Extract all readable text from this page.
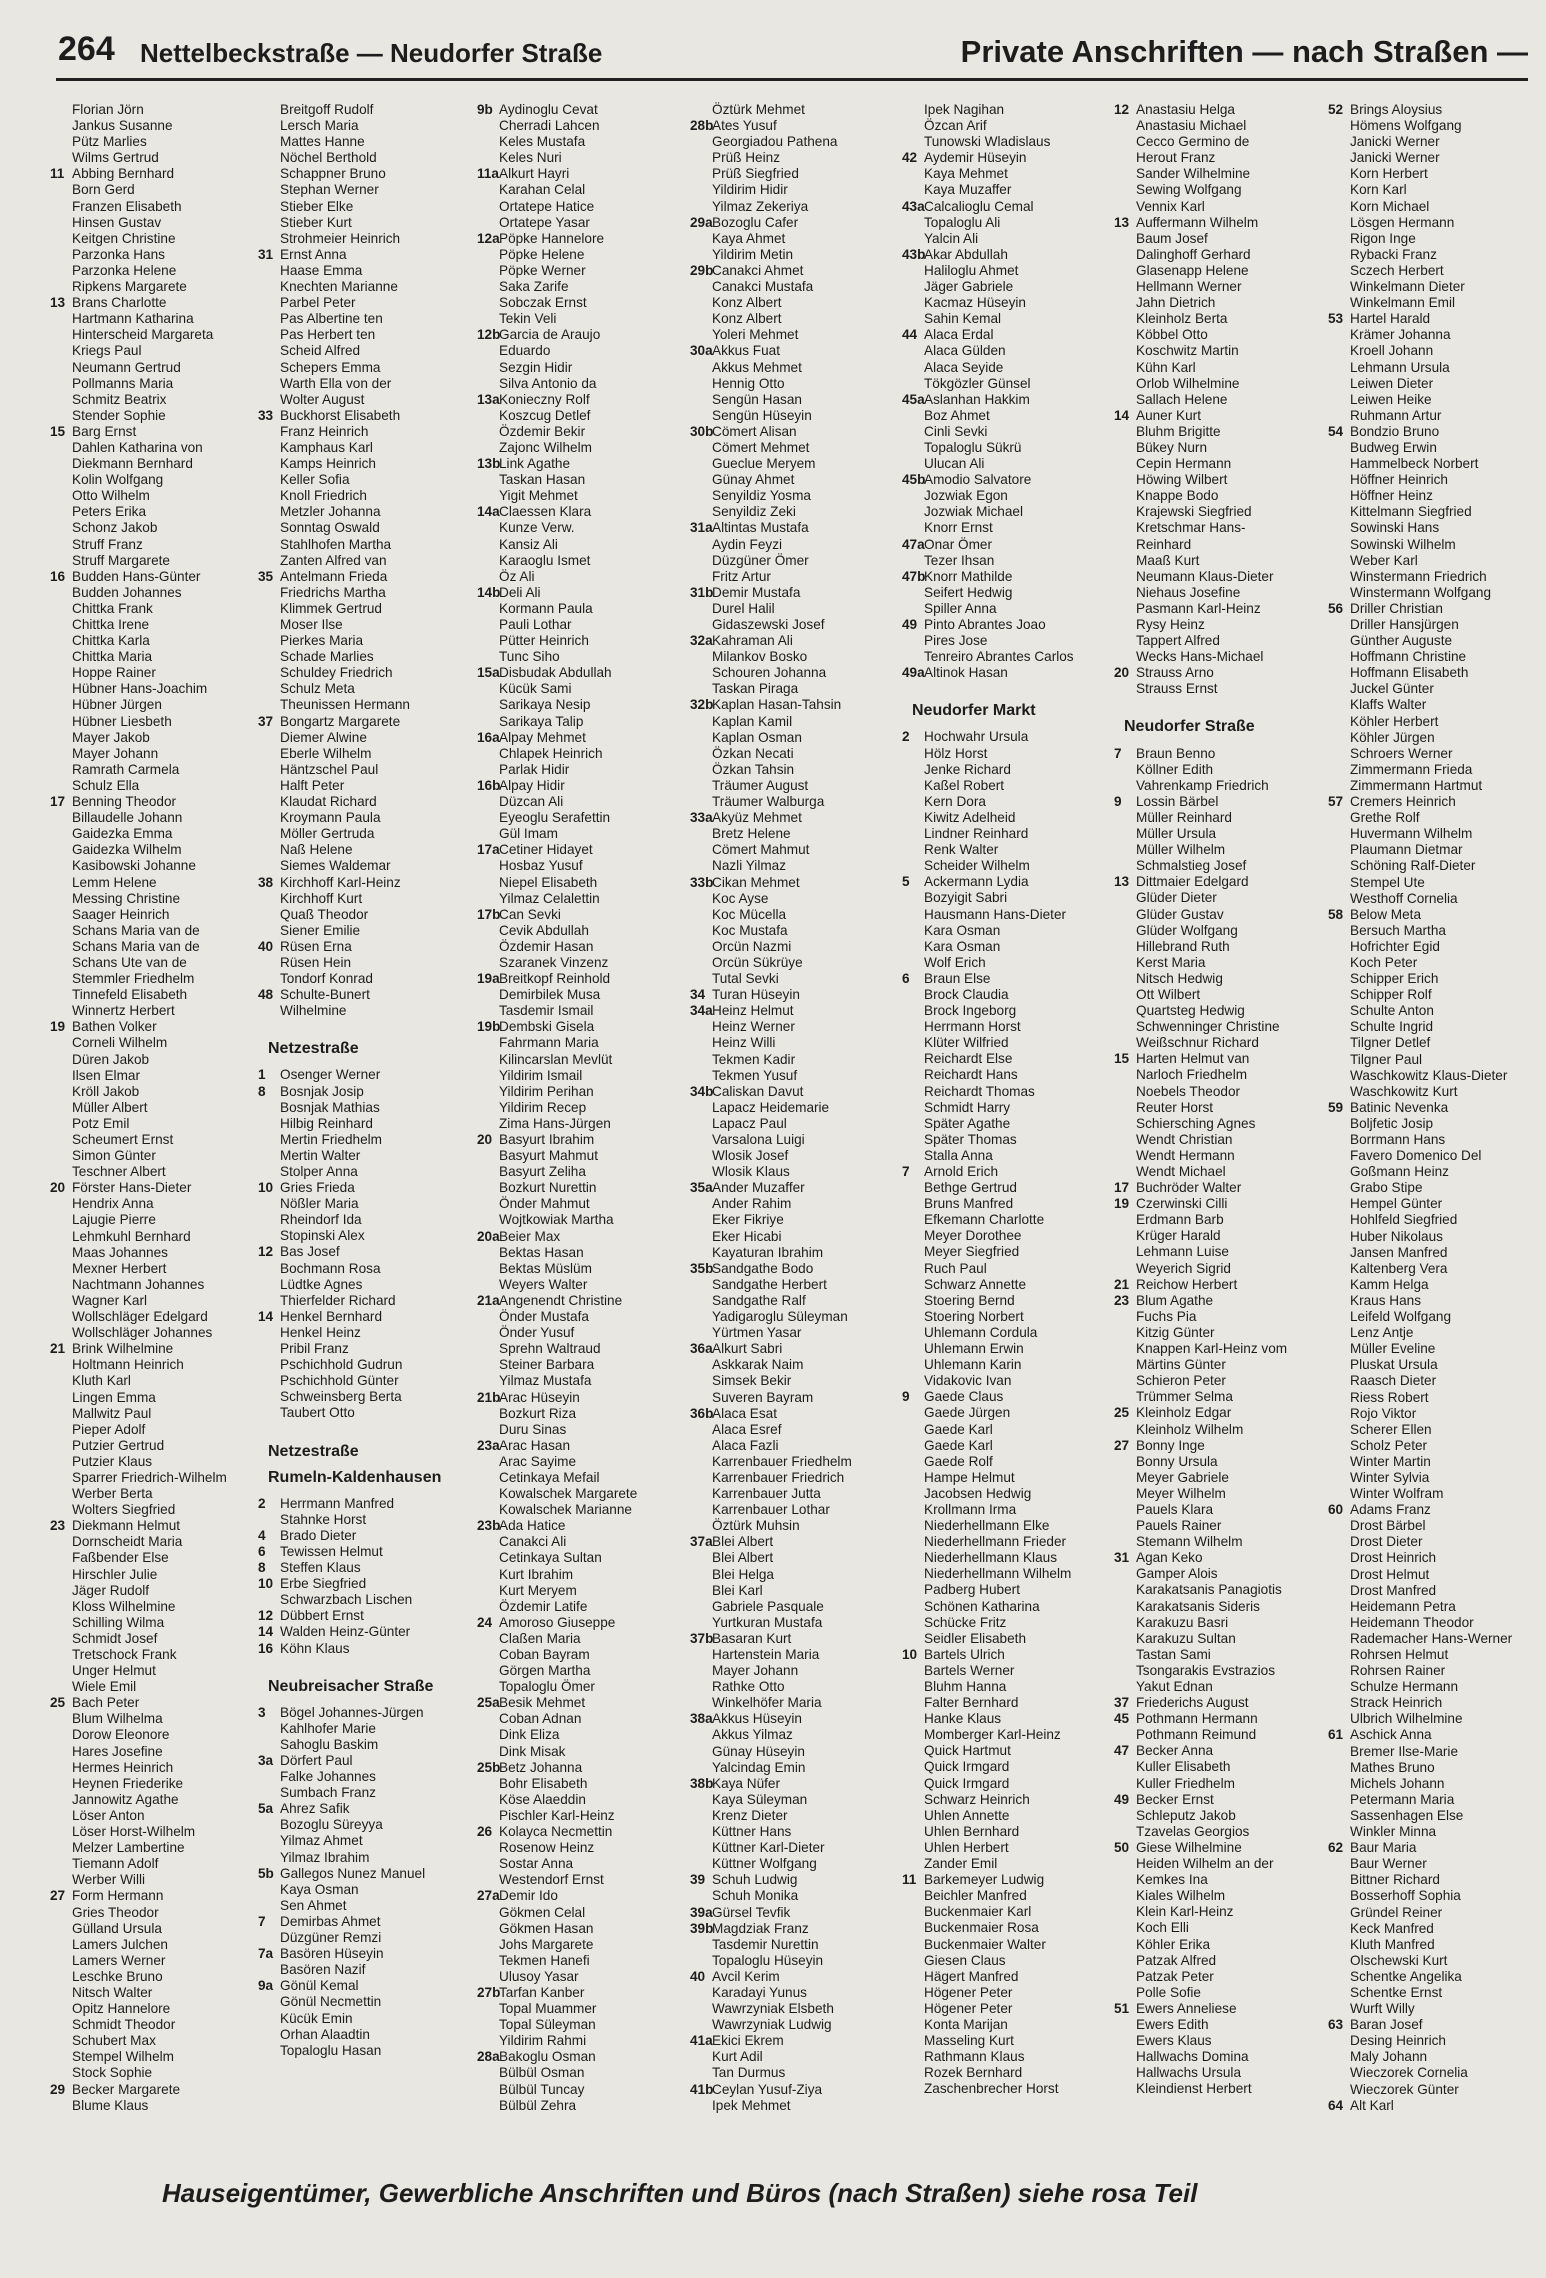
264 Nettelbeckstraße — Neudorfer Straße	Private Anschriften — nach Straßen —
Florian Jörn
Jankus Susanne
Pütz Marlies
Wilms Gertrud
11 Abbing Bernhard
Born Gerd
Franzen Elisabeth
Hinsen Gustav
Keitgen Christine
Parzonka Hans
Parzonka Helene
Ripkens Margarete
13 Brans Charlotte
Hartmann Katharina
Hinterscheid Margareta
Kriegs Paul
Neumann Gertrud
Pollmanns Maria
Schmitz Beatrix
Stender Sophie
15 Barg Ernst
Dahlen Katharina von
Diekmann Bernhard
Kolin Wolfgang
Otto Wilhelm
Peters Erika
Schonz Jakob
Struff Franz
Struff Margarete
16 Budden Hans-Günter
Budden Johannes
Chittka Frank
Chittka Irene
Chittka Karla
Chittka Maria
Hoppe Rainer
Hübner Hans-Joachim
Hübner Jürgen
Hübner Liesbeth
Mayer Jakob
Mayer Johann
Ramrath Carmela
Schulz Ella
17 Benning Theodor
Billaudelle Johann
Gaidezka Emma
Gaidezka Wilhelm
Kasibowski Johanne
Lemm Helene
Messing Christine
Saager Heinrich
Schans Maria van de
Schans Maria van de
Schans Ute van de
Stemmler Friedhelm
Tinnefeld Elisabeth
Winnertz Herbert
19 Bathen Volker
Corneli Wilhelm
Düren Jakob
Ilsen Elmar
Kröll Jakob
Müller Albert
Potz Emil
Scheumert Ernst
Simon Günter
Teschner Albert
20 Förster Hans-Dieter
Hendrix Anna
Lajugie Pierre
Lehmkuhl Bernhard
Maas Johannes
Mexner Herbert
Nachtmann Johannes
Wagner Karl
Wollschläger Edelgard
Wollschläger Johannes
21 Brink Wilhelmine
Holtmann Heinrich
Kluth Karl
Lingen Emma
Mallwitz Paul
Pieper Adolf
Putzier Gertrud
Putzier Klaus
Sparrer Friedrich-Wilhelm
Werber Berta
Wolters Siegfried
23 Diekmann Helmut
Dornscheidt Maria
Faßbender Else
Hirschler Julie
Jäger Rudolf
Kloss Wilhelmine
Schilling Wilma
Schmidt Josef
Tretschock Frank
Unger Helmut
Wiele Emil
25 Bach Peter
Blum Wilhelma
Dorow Eleonore
Hares Josefine
Hermes Heinrich
Heynen Friederike
Jannowitz Agathe
Löser Anton
Löser Horst-Wilhelm
Melzer Lambertine
Tiemann Adolf
Werber Willi
27 Form Hermann
Gries Theodor
Gülland Ursula
Lamers Julchen
Lamers Werner
Leschke Bruno
Nitsch Walter
Opitz Hannelore
Schmidt Theodor
Schubert Max
Stempel Wilhelm
Stock Sophie
29 Becker Margarete
Blume Klaus
Breitgoff Rudolf
Lersch Maria
Mattes Hanne
Nöchel Berthold
Schappner Bruno
Stephan Werner
Stieber Elke
Stieber Kurt
Strohmeier Heinrich
31 Ernst Anna
Haase Emma
Knechten Marianne
Parbel Peter
Pas Albertine ten
Pas Herbert ten
Scheid Alfred
Schepers Emma
Warth Ella von der
Wolter August
33 Buckhorst Elisabeth
Franz Heinrich
Kamphaus Karl
Kamps Heinrich
Keller Sofia
Knoll Friedrich
Metzler Johanna
Sonntag Oswald
Stahlhofen Martha
Zanten Alfred van
35 Antelmann Frieda
Friedrichs Martha
Klimmek Gertrud
Moser Ilse
Pierkes Maria
Schade Marlies
Schuldey Friedrich
Schulz Meta
Theunissen Hermann
37 Bongartz Margarete
Diemer Alwine
Eberle Wilhelm
Häntzschel Paul
Halft Peter
Klaudat Richard
Kroymann Paula
Möller Gertruda
Naß Helene
Siemes Waldemar
38 Kirchhoff Karl-Heinz
Kirchhoff Kurt
Quaß Theodor
Siener Emilie
40 Rüsen Erna
Rüsen Hein
Tondorf Konrad
48 Schulte-Bunert
Wilhelmine
Netzestraße
1 Osenger Werner
8 Bosnjak Josip
Bosnjak Mathias
Hilbig Reinhard
Mertin Friedhelm
Mertin Walter
Stolper Anna
10 Gries Frieda
Nößler Maria
Rheindorf Ida
Stopinski Alex
12 Bas Josef
Bochmann Rosa
Lüdtke Agnes
Thierfelder Richard
14 Henkel Bernhard
Henkel Heinz
Pribil Franz
Pschichhold Gudrun
Pschichhold Günter
Schweinsberg Berta
Taubert Otto
Netzestraße
Rumeln-Kaldenhausen
2 Herrmann Manfred
Stahnke Horst
4 Brado Dieter
6 Tewissen Helmut
8 Steffen Klaus
10 Erbe Siegfried
Schwarzbach Lischen
12 Dübbert Ernst
14 Walden Heinz-Günter
16 Köhn Klaus
Neubreisacher Straße
3 Bögel Johannes-Jürgen
Kahlhofer Marie
Sahoglu Baskim
3a Dörfert Paul
Falke Johannes
Sumbach Franz
5a Ahrez Safik
Bozoglu Süreyya
Yilmaz Ahmet
Yilmaz Ibrahim
5b Gallegos Nunez Manuel
Kaya Osman
Sen Ahmet
7 Demirbas Ahmet
Düzgüner Remzi
7a Basören Hüseyin
Basören Nazif
9a Gönül Kemal
Gönül Necmettin
Kücük Emin
Orhan Alaadtin
Topaloglu Hasan
9b Aydinoglu Cevat
Cherradi Lahcen
Keles Mustafa
Keles Nuri
11aAlkurt Hayri
Karahan Celal
Ortatepe Hatice
Ortatepe Yasar
12aPöpke Hannelore
Pöpke Helene
Pöpke Werner
Saka Zarife
Sobczak Ernst
Tekin Veli
12bGarcia de Araujo
Eduardo
Sezgin Hidir
Silva Antonio da
13aKonieczny Rolf
Koszcug Detlef
Özdemir Bekir
Zajonc Wilhelm
13bLink Agathe
Taskan Hasan
Yigit Mehmet
14aClaessen Klara
Kunze Verw.
Kansiz Ali
Karaoglu Ismet
Öz Ali
14bDeli Ali
Kormann Paula
Pauli Lothar
Pütter Heinrich
Tunc Siho
15aDisbudak Abdullah
Kücük Sami
Sarikaya Nesip
Sarikaya Talip
16aAlpay Mehmet
Chlapek Heinrich
Parlak Hidir
16bAlpay Hidir
Düzcan Ali
Eyeoglu Serafettin
Gül Imam
17aCetiner Hidayet
Hosbaz Yusuf
Niepel Elisabeth
Yilmaz Celalettin
17bCan Sevki
Cevik Abdullah
Özdemir Hasan
Szaranek Vinzenz
19aBreitkopf Reinhold
Demirbilek Musa
Tasdemir Ismail
19bDembski Gisela
Fahrmann Maria
Kilincarslan Mevlüt
Yildirim Ismail
Yildirim Perihan
Yildirim Recep
Zima Hans-Jürgen
20 Basyurt Ibrahim
Basyurt Mahmut
Basyurt Zeliha
Bozkurt Nurettin
Önder Mahmut
Wojtkowiak Martha
20aBeier Max
Bektas Hasan
Bektas Müslüm
Weyers Walter
21aAngenendt Christine
Önder Mustafa
Önder Yusuf
Sprehn Waltraud
Steiner Barbara
Yilmaz Mustafa
21bArac Hüseyin
Bozkurt Riza
Duru Sinas
23aArac Hasan
Arac Sayime
Cetinkaya Mefail
Kowalschek Margarete
Kowalschek Marianne
23bAda Hatice
Canakci Ali
Cetinkaya Sultan
Kurt Ibrahim
Kurt Meryem
Özdemir Latife
24 Amoroso Giuseppe
Claßen Maria
Coban Bayram
Görgen Martha
Topaloglu Ömer
25aBesik Mehmet
Coban Adnan
Dink Eliza
Dink Misak
25bBetz Johanna
Bohr Elisabeth
Köse Alaeddin
Pischler Karl-Heinz
26 Kolayca Necmettin
Rosenow Heinz
Sostar Anna
Westendorf Ernst
27aDemir Ido
Gökmen Celal
Gökmen Hasan
Johs Margarete
Tekmen Hanefi
Ulusoy Yasar
27bTarfan Kanber
Topal Muammer
Topal Süleyman
Yildirim Rahmi
28aBakoglu Osman
Bülbül Osman
Bülbül Tuncay
Bülbül Zehra
Öztürk Mehmet
28bAtes Yusuf
Georgiadou Pathena
Prüß Heinz
Prüß Siegfried
Yildirim Hidir
Yilmaz Zekeriya
29aBozoglu Cafer
Kaya Ahmet
Yildirim Metin
29bCanakci Ahmet
Canakci Mustafa
Konz Albert
Konz Albert
Yoleri Mehmet
30aAkkus Fuat
Akkus Mehmet
Hennig Otto
Sengün Hasan
Sengün Hüseyin
30bCömert Alisan
Cömert Mehmet
Gueclue Meryem
Günay Ahmet
Senyildiz Yosma
Senyildiz Zeki
31aAltintas Mustafa
Aydin Feyzi
Düzgüner Ömer
Fritz Artur
31bDemir Mustafa
Durel Halil
Gidaszewski Josef
32aKahraman Ali
Milankov Bosko
Schouren Johanna
Taskan Piraga
32bKaplan Hasan-Tahsin
Kaplan Kamil
Kaplan Osman
Özkan Necati
Özkan Tahsin
Träumer August
Träumer Walburga
33aAkyüz Mehmet
Bretz Helene
Cömert Mahmut
Nazli Yilmaz
33bCikan Mehmet
Koc Ayse
Koc Mücella
Koc Mustafa
Orcün Nazmi
Orcün Sükrüye
Tutal Sevki
34 Turan Hüseyin
34aHeinz Helmut
Heinz Werner
Heinz Willi
Tekmen Kadir
Tekmen Yusuf
34bCaliskan Davut
Lapacz Heidemarie
Lapacz Paul
Varsalona Luigi
Wlosik Josef
Wlosik Klaus
35aAnder Muzaffer
Ander Rahim
Eker Fikriye
Eker Hicabi
Kayaturan Ibrahim
35bSandgathe Bodo
Sandgathe Herbert
Sandgathe Ralf
Yadigaroglu Süleyman
Yürtmen Yasar
36aAlkurt Sabri
Askkarak Naim
Simsek Bekir
Suveren Bayram
36bAlaca Esat
Alaca Esref
Alaca Fazli
Karrenbauer Friedhelm
Karrenbauer Friedrich
Karrenbauer Jutta
Karrenbauer Lothar
Öztürk Muhsin
37aBlei Albert
Blei Albert
Blei Helga
Blei Karl
Gabriele Pasquale
Yurtkuran Mustafa
37bBasaran Kurt
Hartenstein Maria
Mayer Johann
Rathke Otto
Winkelhöfer Maria
38aAkkus Hüseyin
Akkus Yilmaz
Günay Hüseyin
Yalcindag Emin
38bKaya Nüfer
Kaya Süleyman
Krenz Dieter
Küttner Hans
Küttner Karl-Dieter
Küttner Wolfgang
39 Schuh Ludwig
Schuh Monika
39aGürsel Tevfik
39bMagdziak Franz
Tasdemir Nurettin
Topaloglu Hüseyin
40 Avcil Kerim
Karadayi Yunus
Wawrzyniak Elsbeth
Wawrzyniak Ludwig
41aEkici Ekrem
Kurt Adil
Tan Durmus
41bCeylan Yusuf-Ziya
Ipek Mehmet
Ipek Nagihan
Özcan Arif
Tunowski Wladislaus
42 Aydemir Hüseyin
Kaya Mehmet
Kaya Muzaffer
43aCalcalioglu Cemal
Topaloglu Ali
Yalcin Ali
43bAkar Abdullah
Haliloglu Ahmet
Jäger Gabriele
Kacmaz Hüseyin
Sahin Kemal
44 Alaca Erdal
Alaca Gülden
Alaca Seyide
Tökgözler Günsel
45aAslanhan Hakkim
Boz Ahmet
Cinli Sevki
Topaloglu Sükrü
Ulucan Ali
45bAmodio Salvatore
Jozwiak Egon
Jozwiak Michael
Knorr Ernst
47aOnar Ömer
Tezer Ihsan
47bKnorr Mathilde
Seifert Hedwig
Spiller Anna
49 Pinto Abrantes Joao
Pires Jose
Tenreiro Abrantes Carlos
49aAltinok Hasan
Neudorfer Markt
2 Hochwahr Ursula
Hölz Horst
Jenke Richard
Kaßel Robert
Kern Dora
Kiwitz Adelheid
Lindner Reinhard
Renk Walter
Scheider Wilhelm
5 Ackermann Lydia
Bozyigit Sabri
Hausmann Hans-Dieter
Kara Osman
Kara Osman
Wolf Erich
6 Braun Else
Brock Claudia
Brock Ingeborg
Herrmann Horst
Klüter Wilfried
Reichardt Else
Reichardt Hans
Reichardt Thomas
Schmidt Harry
Später Agathe
Später Thomas
Stalla Anna
7 Arnold Erich
Bethge Gertrud
Bruns Manfred
Efkemann Charlotte
Meyer Dorothee
Meyer Siegfried
Ruch Paul
Schwarz Annette
Stoering Bernd
Stoering Norbert
Uhlemann Cordula
Uhlemann Erwin
Uhlemann Karin
Vidakovic Ivan
9 Gaede Claus
Gaede Jürgen
Gaede Karl
Gaede Karl
Gaede Rolf
Hampe Helmut
Jacobsen Hedwig
Krollmann Irma
Niederhellmann Elke
Niederhellmann Frieder
Niederhellmann Klaus
Niederhellmann Wilhelm
Padberg Hubert
Schönen Katharina
Schücke Fritz
Seidler Elisabeth
10 Bartels Ulrich
Bartels Werner
Bluhm Hanna
Falter Bernhard
Hanke Klaus
Momberger Karl-Heinz
Quick Hartmut
Quick Irmgard
Quick Irmgard
Schwarz Heinrich
Uhlen Annette
Uhlen Bernhard
Uhlen Herbert
Zander Emil
11 Barkemeyer Ludwig
Beichler Manfred
Buckenmaier Karl
Buckenmaier Rosa
Buckenmaier Walter
Giesen Claus
Hägert Manfred
Högener Peter
Högener Peter
Konta Marijan
Masseling Kurt
Rathmann Klaus
Rozek Bernhard
Zaschenbrecher Horst
12 Anastasiu Helga
Anastasiu Michael
Cecco Germino de
Herout Franz
Sander Wilhelmine
Sewing Wolfgang
Vennix Karl
13 Auffermann Wilhelm
Baum Josef
Dalinghoff Gerhard
Glasenapp Helene
Hellmann Werner
Jahn Dietrich
Kleinholz Berta
Köbbel Otto
Koschwitz Martin
Kühn Karl
Orlob Wilhelmine
Sallach Helene
14 Auner Kurt
Bluhm Brigitte
Bükey Nurn
Cepin Hermann
Höwing Wilbert
Knappe Bodo
Krajewski Siegfried
Kretschmar Hans-
Reinhard
Maaß Kurt
Neumann Klaus-Dieter
Niehaus Josefine
Pasmann Karl-Heinz
Rysy Heinz
Tappert Alfred
Wecks Hans-Michael
20 Strauss Arno
Strauss Ernst
Neudorfer Straße
7 Braun Benno
Köllner Edith
Vahrenkamp Friedrich
9 Lossin Bärbel
Müller Reinhard
Müller Ursula
Müller Wilhelm
Schmalstieg Josef
13 Dittmaier Edelgard
Glüder Dieter
Glüder Gustav
Glüder Wolfgang
Hillebrand Ruth
Kerst Maria
Nitsch Hedwig
Ott Wilbert
Quartsteg Hedwig
Schwenninger Christine
Weißschnur Richard
15 Harten Helmut van
Narloch Friedhelm
Noebels Theodor
Reuter Horst
Schiersching Agnes
Wendt Christian
Wendt Hermann
Wendt Michael
17 Buchröder Walter
19 Czerwinski Cilli
Erdmann Barb
Krüger Harald
Lehmann Luise
Weyerich Sigrid
21 Reichow Herbert
23 Blum Agathe
Fuchs Pia
Kitzig Günter
Knappen Karl-Heinz vom
Märtins Günter
Schieron Peter
Trümmer Selma
25 Kleinholz Edgar
Kleinholz Wilhelm
27 Bonny Inge
Bonny Ursula
Meyer Gabriele
Meyer Wilhelm
Pauels Klara
Pauels Rainer
Stemann Wilhelm
31 Agan Keko
Gamper Alois
Karakatsanis Panagiotis
Karakatsanis Sideris
Karakuzu Basri
Karakuzu Sultan
Tastan Sami
Tsongarakis Evstrazios
Yakut Ednan
37 Friederichs August
45 Pothmann Hermann
Pothmann Reimund
47 Becker Anna
Kuller Elisabeth
Kuller Friedhelm
49 Becker Ernst
Schleputz Jakob
Tzavelas Georgios
50 Giese Wilhelmine
Heiden Wilhelm an der
Kemkes Ina
Kiales Wilhelm
Klein Karl-Heinz
Koch Elli
Köhler Erika
Patzak Alfred
Patzak Peter
Polle Sofie
51 Ewers Anneliese
Ewers Edith
Ewers Klaus
Hallwachs Domina
Hallwachs Ursula
Kleindienst Herbert
52 Brings Aloysius
Hömens Wolfgang
Janicki Werner
Janicki Werner
Korn Herbert
Korn Karl
Korn Michael
Lösgen Hermann
Rigon Inge
Rybacki Franz
Sczech Herbert
Winkelmann Dieter
Winkelmann Emil
53 Hartel Harald
Krämer Johanna
Kroell Johann
Lehmann Ursula
Leiwen Dieter
Leiwen Heike
Ruhmann Artur
54 Bondzio Bruno
Budweg Erwin
Hammelbeck Norbert
Höffner Heinrich
Höffner Heinz
Kittelmann Siegfried
Sowinski Hans
Sowinski Wilhelm
Weber Karl
Winstermann Friedrich
Winstermann Wolfgang
56 Driller Christian
Driller Hansjürgen
Günther Auguste
Hoffmann Christine
Hoffmann Elisabeth
Juckel Günter
Klaffs Walter
Köhler Herbert
Köhler Jürgen
Schroers Werner
Zimmermann Frieda
Zimmermann Hartmut
57 Cremers Heinrich
Grethe Rolf
Huvermann Wilhelm
Plaumann Dietmar
Schöning Ralf-Dieter
Stempel Ute
Westhoff Cornelia
58 Below Meta
Bersuch Martha
Hofrichter Egid
Koch Peter
Schipper Erich
Schipper Rolf
Schulte Anton
Schulte Ingrid
Tilgner Detlef
Tilgner Paul
Waschkowitz Klaus-Dieter
Waschkowitz Kurt
59 Batinic Nevenka
Boljfetic Josip
Borrmann Hans
Favero Domenico Del
Goßmann Heinz
Grabo Stipe
Hempel Günter
Hohlfeld Siegfried
Huber Nikolaus
Jansen Manfred
Kaltenberg Vera
Kamm Helga
Kraus Hans
Leifeld Wolfgang
Lenz Antje
Müller Eveline
Pluskat Ursula
Raasch Dieter
Riess Robert
Rojo Viktor
Scherer Ellen
Scholz Peter
Winter Martin
Winter Sylvia
Winter Wolfram
60 Adams Franz
Drost Bärbel
Drost Dieter
Drost Heinrich
Drost Helmut
Drost Manfred
Heidemann Petra
Heidemann Theodor
Rademacher Hans-Werner
Rohrsen Helmut
Rohrsen Rainer
Schulze Hermann
Strack Heinrich
Ulbrich Wilhelmine
61 Aschick Anna
Bremer Ilse-Marie
Mathes Bruno
Michels Johann
Petermann Maria
Sassenhagen Else
Winkler Minna
62 Baur Maria
Baur Werner
Bittner Richard
Bosserhoff Sophia
Gründel Reiner
Keck Manfred
Kluth Manfred
Olschewski Kurt
Schentke Angelika
Schentke Ernst
Wurft Willy
63 Baran Josef
Desing Heinrich
Maly Johann
Wieczorek Cornelia
Wieczorek Günter
64 Alt Karl
Hauseigentümer, Gewerbliche Anschriften und Büros (nach Straßen) siehe rosa Teil
